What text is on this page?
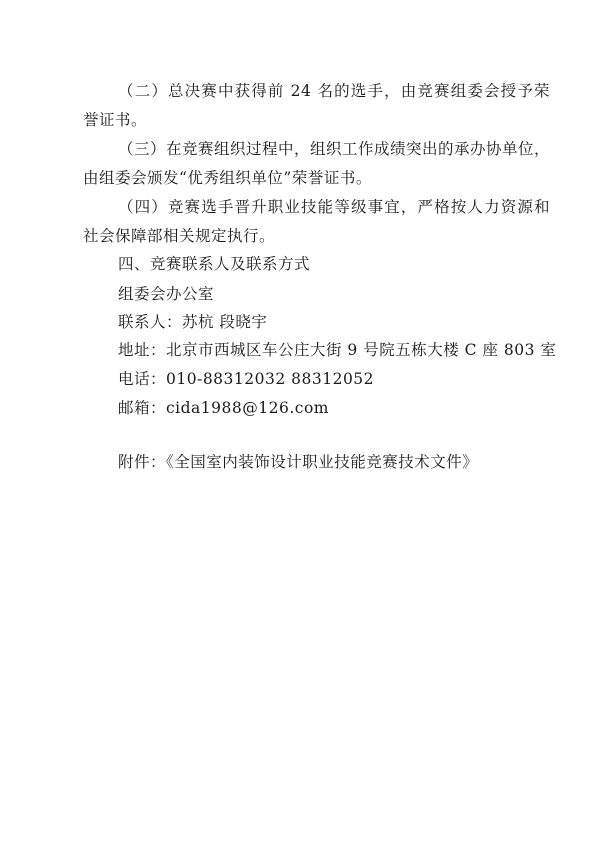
（二）总决赛中获得前 24 名的选手，由竞赛组委会授予荣
誉证书。
（三）在竞赛组织过程中，组织工作成绩突出的承办协单位，
由组委会颁发“优秀组织单位”荣誉证书。
（四）竞赛选手晋升职业技能等级事宜，严格按人力资源和
社会保障部相关规定执行。
四、竞赛联系人及联系方式
组委会办公室
联系人：苏杭 段晓宇
地址：北京市西城区车公庄大街 9 号院五栋大楼 C 座 803 室
电话：010-88312032 88312052
邮箱：cida1988@126.com
附件：《全国室内装饰设计职业技能竞赛技术文件》
